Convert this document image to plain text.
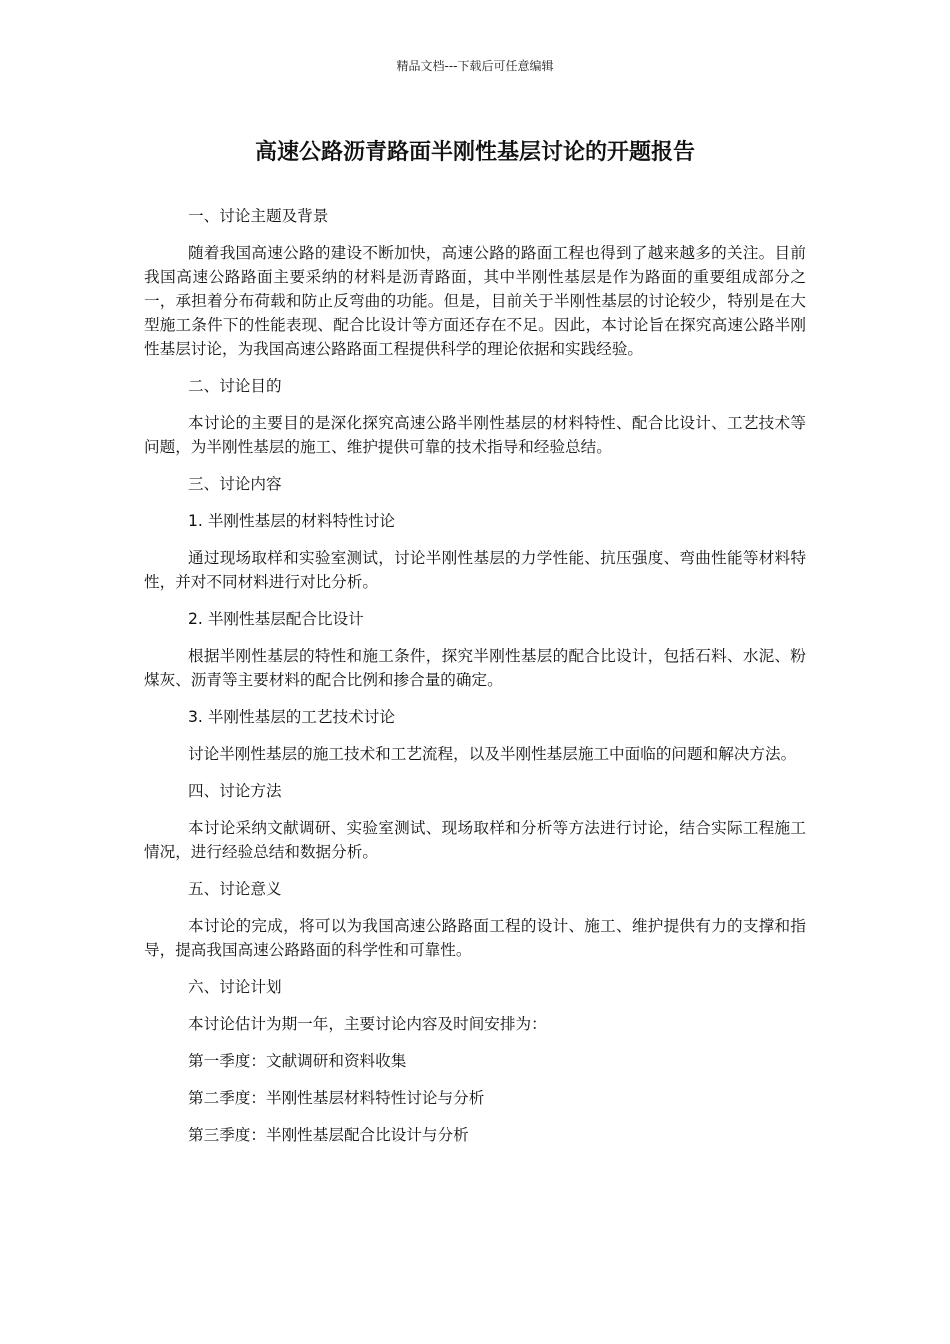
精品文档---下载后可任意编辑
高速公路沥青路面半刚性基层讨论的开题报告

一、讨论主题及背景

随着我国高速公路的建设不断加快，高速公路的路面工程也得到了越来越多的关注。目前我国高速公路路面主要采纳的材料是沥青路面，其中半刚性基层是作为路面的重要组成部分之一，承担着分布荷载和防止反弯曲的功能。但是，目前关于半刚性基层的讨论较少，特别是在大型施工条件下的性能表现、配合比设计等方面还存在不足。因此，本讨论旨在探究高速公路半刚性基层讨论，为我国高速公路路面工程提供科学的理论依据和实践经验。

二、讨论目的

本讨论的主要目的是深化探究高速公路半刚性基层的材料特性、配合比设计、工艺技术等问题，为半刚性基层的施工、维护提供可靠的技术指导和经验总结。

三、讨论内容

1. 半刚性基层的材料特性讨论

通过现场取样和实验室测试，讨论半刚性基层的力学性能、抗压强度、弯曲性能等材料特性，并对不同材料进行对比分析。

2. 半刚性基层配合比设计

根据半刚性基层的特性和施工条件，探究半刚性基层的配合比设计，包括石料、水泥、粉煤灰、沥青等主要材料的配合比例和掺合量的确定。

3. 半刚性基层的工艺技术讨论

讨论半刚性基层的施工技术和工艺流程，以及半刚性基层施工中面临的问题和解决方法。

四、讨论方法

本讨论采纳文献调研、实验室测试、现场取样和分析等方法进行讨论，结合实际工程施工情况，进行经验总结和数据分析。

五、讨论意义

本讨论的完成，将可以为我国高速公路路面工程的设计、施工、维护提供有力的支撑和指导，提高我国高速公路路面的科学性和可靠性。

六、讨论计划

本讨论估计为期一年，主要讨论内容及时间安排为：

第一季度：文献调研和资料收集

第二季度：半刚性基层材料特性讨论与分析

第三季度：半刚性基层配合比设计与分析
